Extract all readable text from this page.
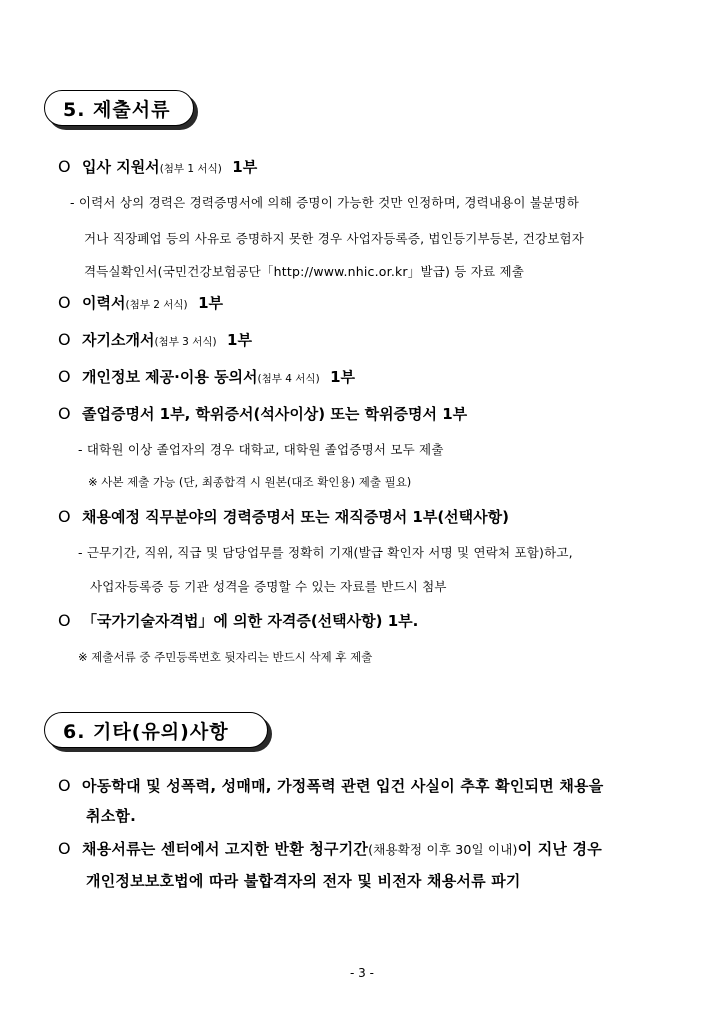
5. 제출서류
O 입사 지원서(첨부 1 서식) 1부
- 이력서 상의 경력은 경력증명서에 의해 증명이 가능한 것만 인정하며, 경력내용이 불분명하
거나 직장폐업 등의 사유로 증명하지 못한 경우 사업자등록증, 법인등기부등본, 건강보험자
격득실확인서(국민건강보험공단「http://www.nhic.or.kr」발급) 등 자료 제출
O 이력서(첨부 2 서식) 1부
O 자기소개서(첨부 3 서식) 1부
O 개인정보 제공·이용 동의서(첨부 4 서식) 1부
O 졸업증명서 1부, 학위증서(석사이상) 또는 학위증명서 1부
- 대학원 이상 졸업자의 경우 대학교, 대학원 졸업증명서 모두 제출
※ 사본 제출 가능 (단, 최종합격 시 원본(대조 확인용) 제출 필요)
O 채용예정 직무분야의 경력증명서 또는 재직증명서 1부(선택사항)
- 근무기간, 직위, 직급 및 담당업무를 정확히 기재(발급 확인자 서명 및 연락처 포함)하고,
사업자등록증 등 기관 성격을 증명할 수 있는 자료를 반드시 첨부
O 「국가기술자격법」에 의한 자격증(선택사항) 1부.
※ 제출서류 중 주민등록번호 뒷자리는 반드시 삭제 후 제출
6. 기타(유의)사항
O 아동학대 및 성폭력, 성매매, 가정폭력 관련 입건 사실이 추후 확인되면 채용을
취소함.
O 채용서류는 센터에서 고지한 반환 청구기간(채용확정 이후 30일 이내)이 지난 경우
개인정보보호법에 따라 불합격자의 전자 및 비전자 채용서류 파기
- 3 -
